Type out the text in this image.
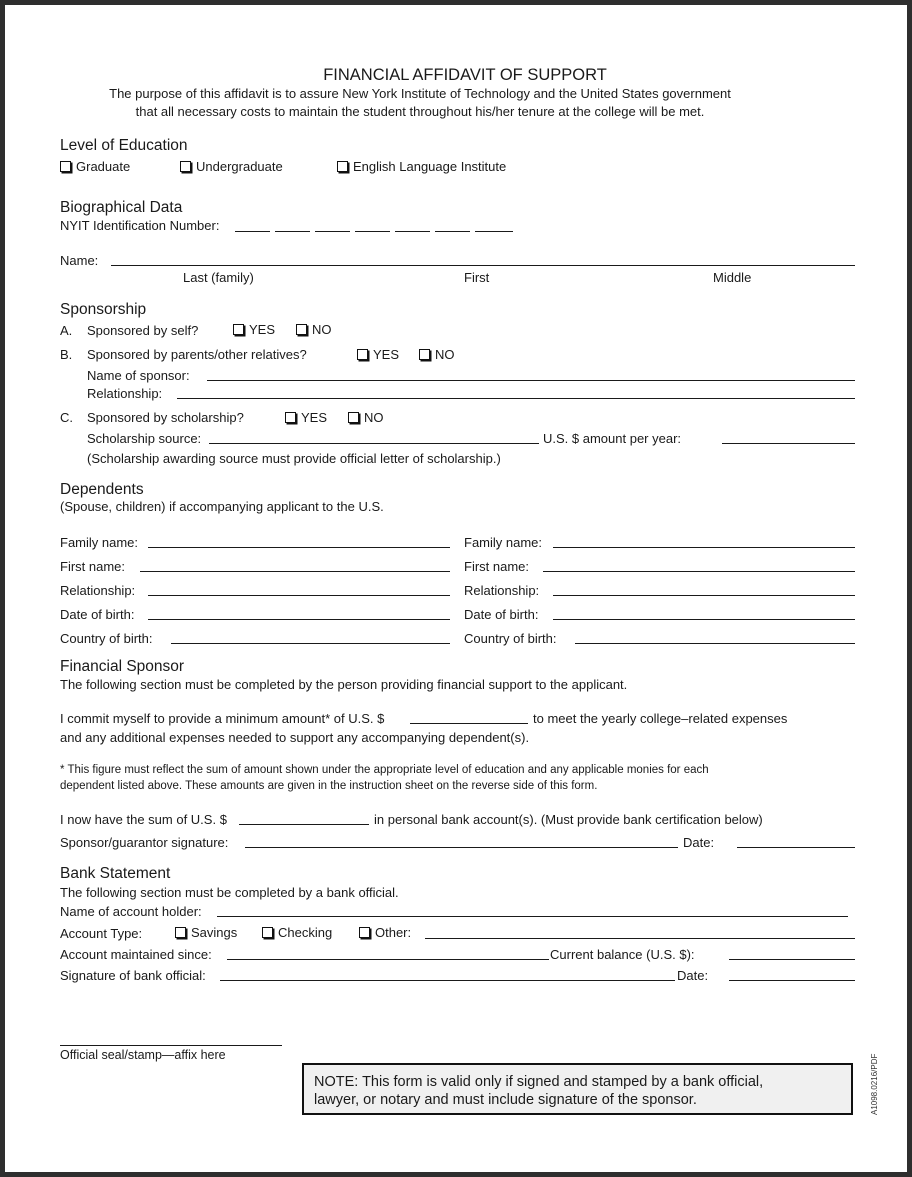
FINANCIAL AFFIDAVIT OF SUPPORT
The purpose of this affidavit is to assure New York Institute of Technology and the United States government
that all necessary costs to maintain the student throughout his/her tenure at the college will be met.
Level of Education
Graduate	Undergraduate	English Language Institute
Biographical Data
NYIT Identification Number:
Name:
Last (family)	First	Middle
Sponsorship
A. Sponsored by self?	YES	NO
B. Sponsored by parents/other relatives?	YES	NO
Name of sponsor:
Relationship:
C. Sponsored by scholarship?	YES	NO
Scholarship source:	U.S. $ amount per year:
(Scholarship awarding source must provide official letter of scholarship.)
Dependents
(Spouse, children) if accompanying applicant to the U.S.
Family name:	Family name:
First name:	First name:
Relationship:	Relationship:
Date of birth:	Date of birth:
Country of birth:	Country of birth:
Financial Sponsor
The following section must be completed by the person providing financial support to the applicant.
I commit myself to provide a minimum amount* of U.S. $	to meet the yearly college–related expenses
and any additional expenses needed to support any accompanying dependent(s).
* This figure must reflect the sum of amount shown under the appropriate level of education and any applicable monies for each
dependent listed above. These amounts are given in the instruction sheet on the reverse side of this form.
I now have the sum of U.S. $	in personal bank account(s). (Must provide bank certification below)
Sponsor/guarantor signature:	Date:
Bank Statement
The following section must be completed by a bank official.
Name of account holder:
Account Type:	Savings	Checking	Other:
Account maintained since:	Current balance (U.S. $):
Signature of bank official:	Date:
Official seal/stamp—affix here
NOTE: This form is valid only if signed and stamped by a bank official,
lawyer, or notary and must include signature of the sponsor.	A1098.0216/PDF
